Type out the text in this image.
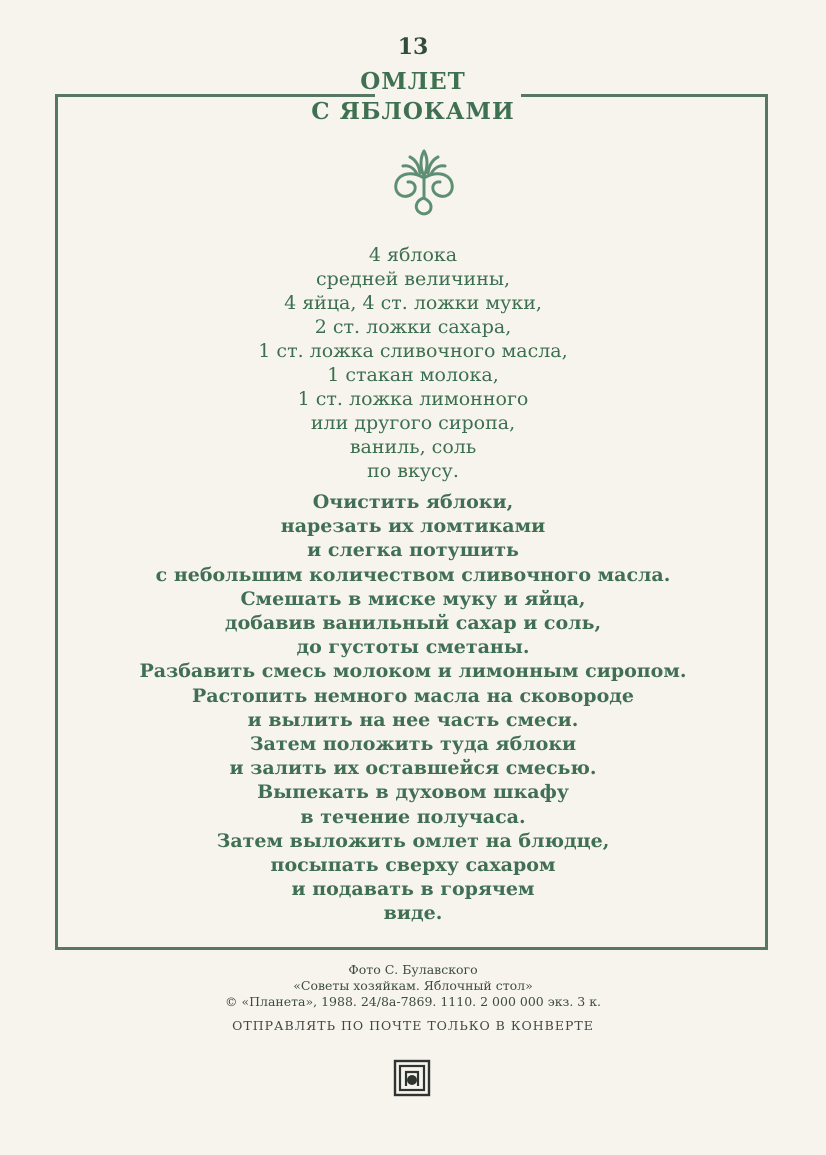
13
ОМЛЕТ
С ЯБЛОКАМИ
4 яблока
средней величины,
4 яйца, 4 ст. ложки муки,
2 ст. ложки сахара,
1 ст. ложка сливочного масла,
1 стакан молока,
1 ст. ложка лимонного
или другого сиропа,
ваниль, соль
по вкусу.
Очистить яблоки,
нарезать их ломтиками
и слегка потушить
с небольшим количеством сливочного масла.
Смешать в миске муку и яйца,
добавив ванильный сахар и соль,
до густоты сметаны.
Разбавить смесь молоком и лимонным сиропом.
Растопить немного масла на сковороде
и вылить на нее часть смеси.
Затем положить туда яблоки
и залить их оставшейся смесью.
Выпекать в духовом шкафу
в течение получаса.
Затем выложить омлет на блюдце,
посыпать сверху сахаром
и подавать в горячем
виде.
Фото С. Булавского
«Советы хозяйкам. Яблочный стол»
© «Планета», 1988. 24/8а-7869. 1110. 2 000 000 экз. 3 к.
ОТПРАВЛЯТЬ ПО ПОЧТЕ ТОЛЬКО В КОНВЕРТЕ
